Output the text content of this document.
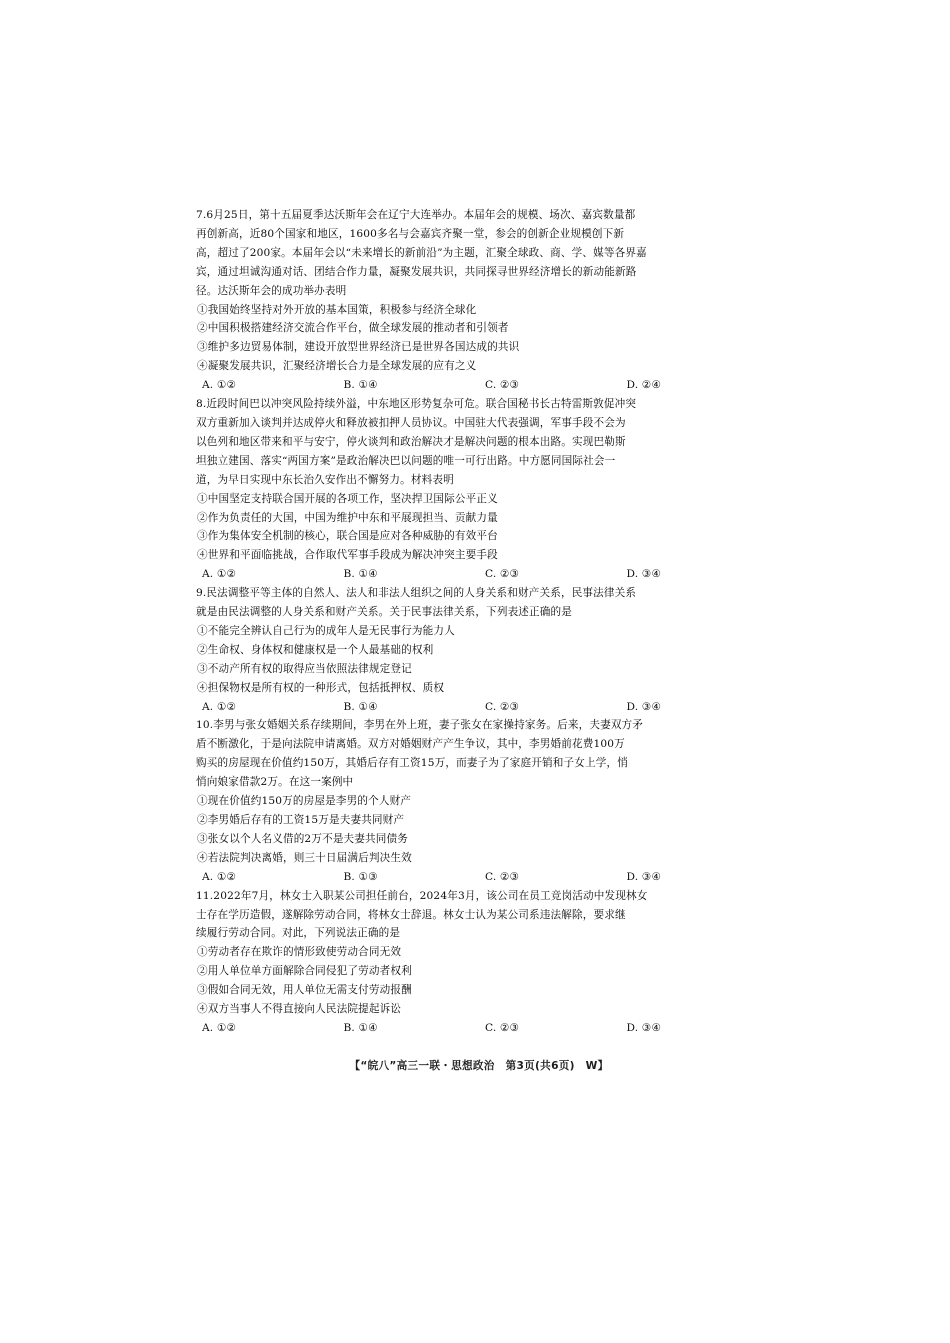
7.6月25日，第十五届夏季达沃斯年会在辽宁大连举办。本届年会的规模、场次、嘉宾数量都
再创新高，近80个国家和地区，1600多名与会嘉宾齐聚一堂，参会的创新企业规模创下新
高，超过了200家。本届年会以“未来增长的新前沿”为主题，汇聚全球政、商、学、媒等各界嘉
宾，通过坦诚沟通对话、团结合作力量，凝聚发展共识，共同探寻世界经济增长的新动能新路
径。达沃斯年会的成功举办表明
①我国始终坚持对外开放的基本国策，积极参与经济全球化
②中国积极搭建经济交流合作平台，做全球发展的推动者和引领者
③维护多边贸易体制，建设开放型世界经济已是世界各国达成的共识
④凝聚发展共识，汇聚经济增长合力是全球发展的应有之义
A. ①②	B. ①④	C. ②③	D. ②④
8.近段时间巴以冲突风险持续外溢，中东地区形势复杂可危。联合国秘书长古特雷斯敦促冲突
双方重新加入谈判并达成停火和释放被扣押人员协议。中国驻大代表强调，军事手段不会为
以色列和地区带来和平与安宁，停火谈判和政治解决才是解决问题的根本出路。实现巴勒斯
坦独立建国、落实“两国方案”是政治解决巴以问题的唯一可行出路。中方愿同国际社会一
道，为早日实现中东长治久安作出不懈努力。材料表明
①中国坚定支持联合国开展的各项工作，坚决捍卫国际公平正义
②作为负责任的大国，中国为维护中东和平展现担当、贡献力量
③作为集体安全机制的核心，联合国是应对各种威胁的有效平台
④世界和平面临挑战，合作取代军事手段成为解决冲突主要手段
A. ①②	B. ①④	C. ②③	D. ③④
9.民法调整平等主体的自然人、法人和非法人组织之间的人身关系和财产关系，民事法律关系
就是由民法调整的人身关系和财产关系。关于民事法律关系，下列表述正确的是
①不能完全辨认自己行为的成年人是无民事行为能力人
②生命权、身体权和健康权是一个人最基础的权利
③不动产所有权的取得应当依照法律规定登记
④担保物权是所有权的一种形式，包括抵押权、质权
A. ①②	B. ①④	C. ②③	D. ③④
10.李男与张女婚姻关系存续期间，李男在外上班，妻子张女在家操持家务。后来，夫妻双方矛
盾不断激化，于是向法院申请离婚。双方对婚姻财产产生争议，其中，李男婚前花费100万
购买的房屋现在价值约150万，其婚后存有工资15万，而妻子为了家庭开销和子女上学，悄
悄向娘家借款2万。在这一案例中
①现在价值约150万的房屋是李男的个人财产
②李男婚后存有的工资15万是夫妻共同财产
③张女以个人名义借的2万不是夫妻共同债务
④若法院判决离婚，则三十日届满后判决生效
A. ①②	B. ①③	C. ②③	D. ③④
11.2022年7月，林女士入职某公司担任前台，2024年3月，该公司在员工竞岗活动中发现林女
士存在学历造假，遂解除劳动合同，将林女士辞退。林女士认为某公司系违法解除，要求继
续履行劳动合同。对此，下列说法正确的是
①劳动者存在欺诈的情形致使劳动合同无效
②用人单位单方面解除合同侵犯了劳动者权利
③假如合同无效，用人单位无需支付劳动报酬
④双方当事人不得直接向人民法院提起诉讼
A. ①②	B. ①④	C. ②③	D. ③④
【“皖八”高三一联・思想政治　第3页(共6页)　W】
